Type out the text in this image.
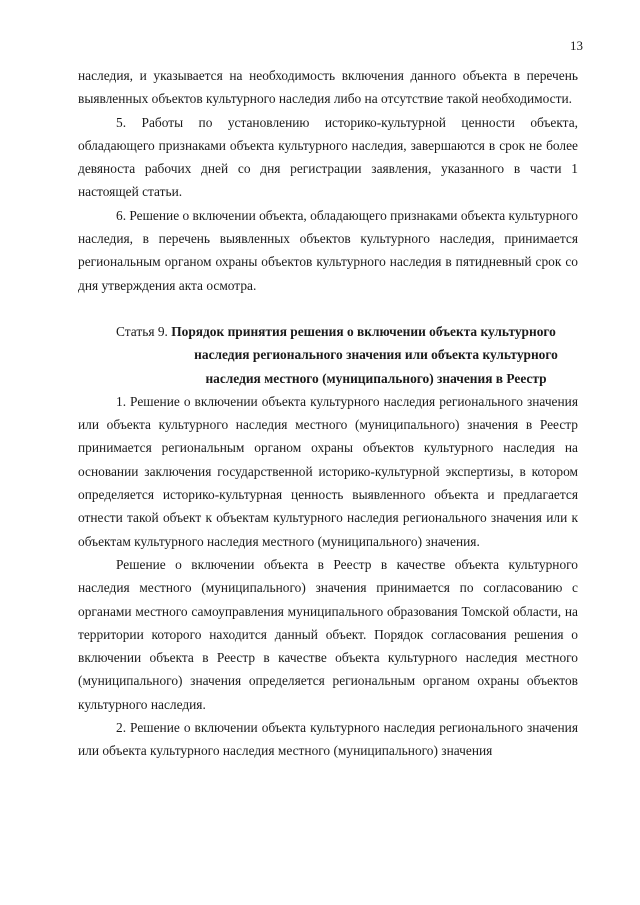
13

наследия, и указывается на необходимость включения данного объекта в перечень выявленных объектов культурного наследия либо на отсутствие такой необходимости.

5. Работы по установлению историко-культурной ценности объекта, обладающего признаками объекта культурного наследия, завершаются в срок не более девяноста рабочих дней со дня регистрации заявления, указанного в части 1 настоящей статьи.

6. Решение о включении объекта, обладающего признаками объекта культурного наследия, в перечень выявленных объектов культурного наследия, принимается региональным органом охраны объектов культурного наследия в пятидневный срок со дня утверждения акта осмотра.

Статья 9. Порядок принятия решения о включении объекта культурного
наследия регионального значения или объекта культурного наследия местного (муниципального) значения в Реестр

1. Решение о включении объекта культурного наследия регионального значения или объекта культурного наследия местного (муниципального) значения в Реестр принимается региональным органом охраны объектов культурного наследия на основании заключения государственной историко-культурной экспертизы, в котором определяется историко-культурная ценность выявленного объекта и предлагается отнести такой объект к объектам культурного наследия регионального значения или к объектам культурного наследия местного (муниципального) значения.

Решение о включении объекта в Реестр в качестве объекта культурного наследия местного (муниципального) значения принимается по согласованию с органами местного самоуправления муниципального образования Томской области, на территории которого находится данный объект. Порядок согласования решения о включении объекта в Реестр в качестве объекта культурного наследия местного (муниципального) значения определяется региональным органом охраны объектов культурного наследия.

2. Решение о включении объекта культурного наследия регионального значения или объекта культурного наследия местного (муниципального) значения
